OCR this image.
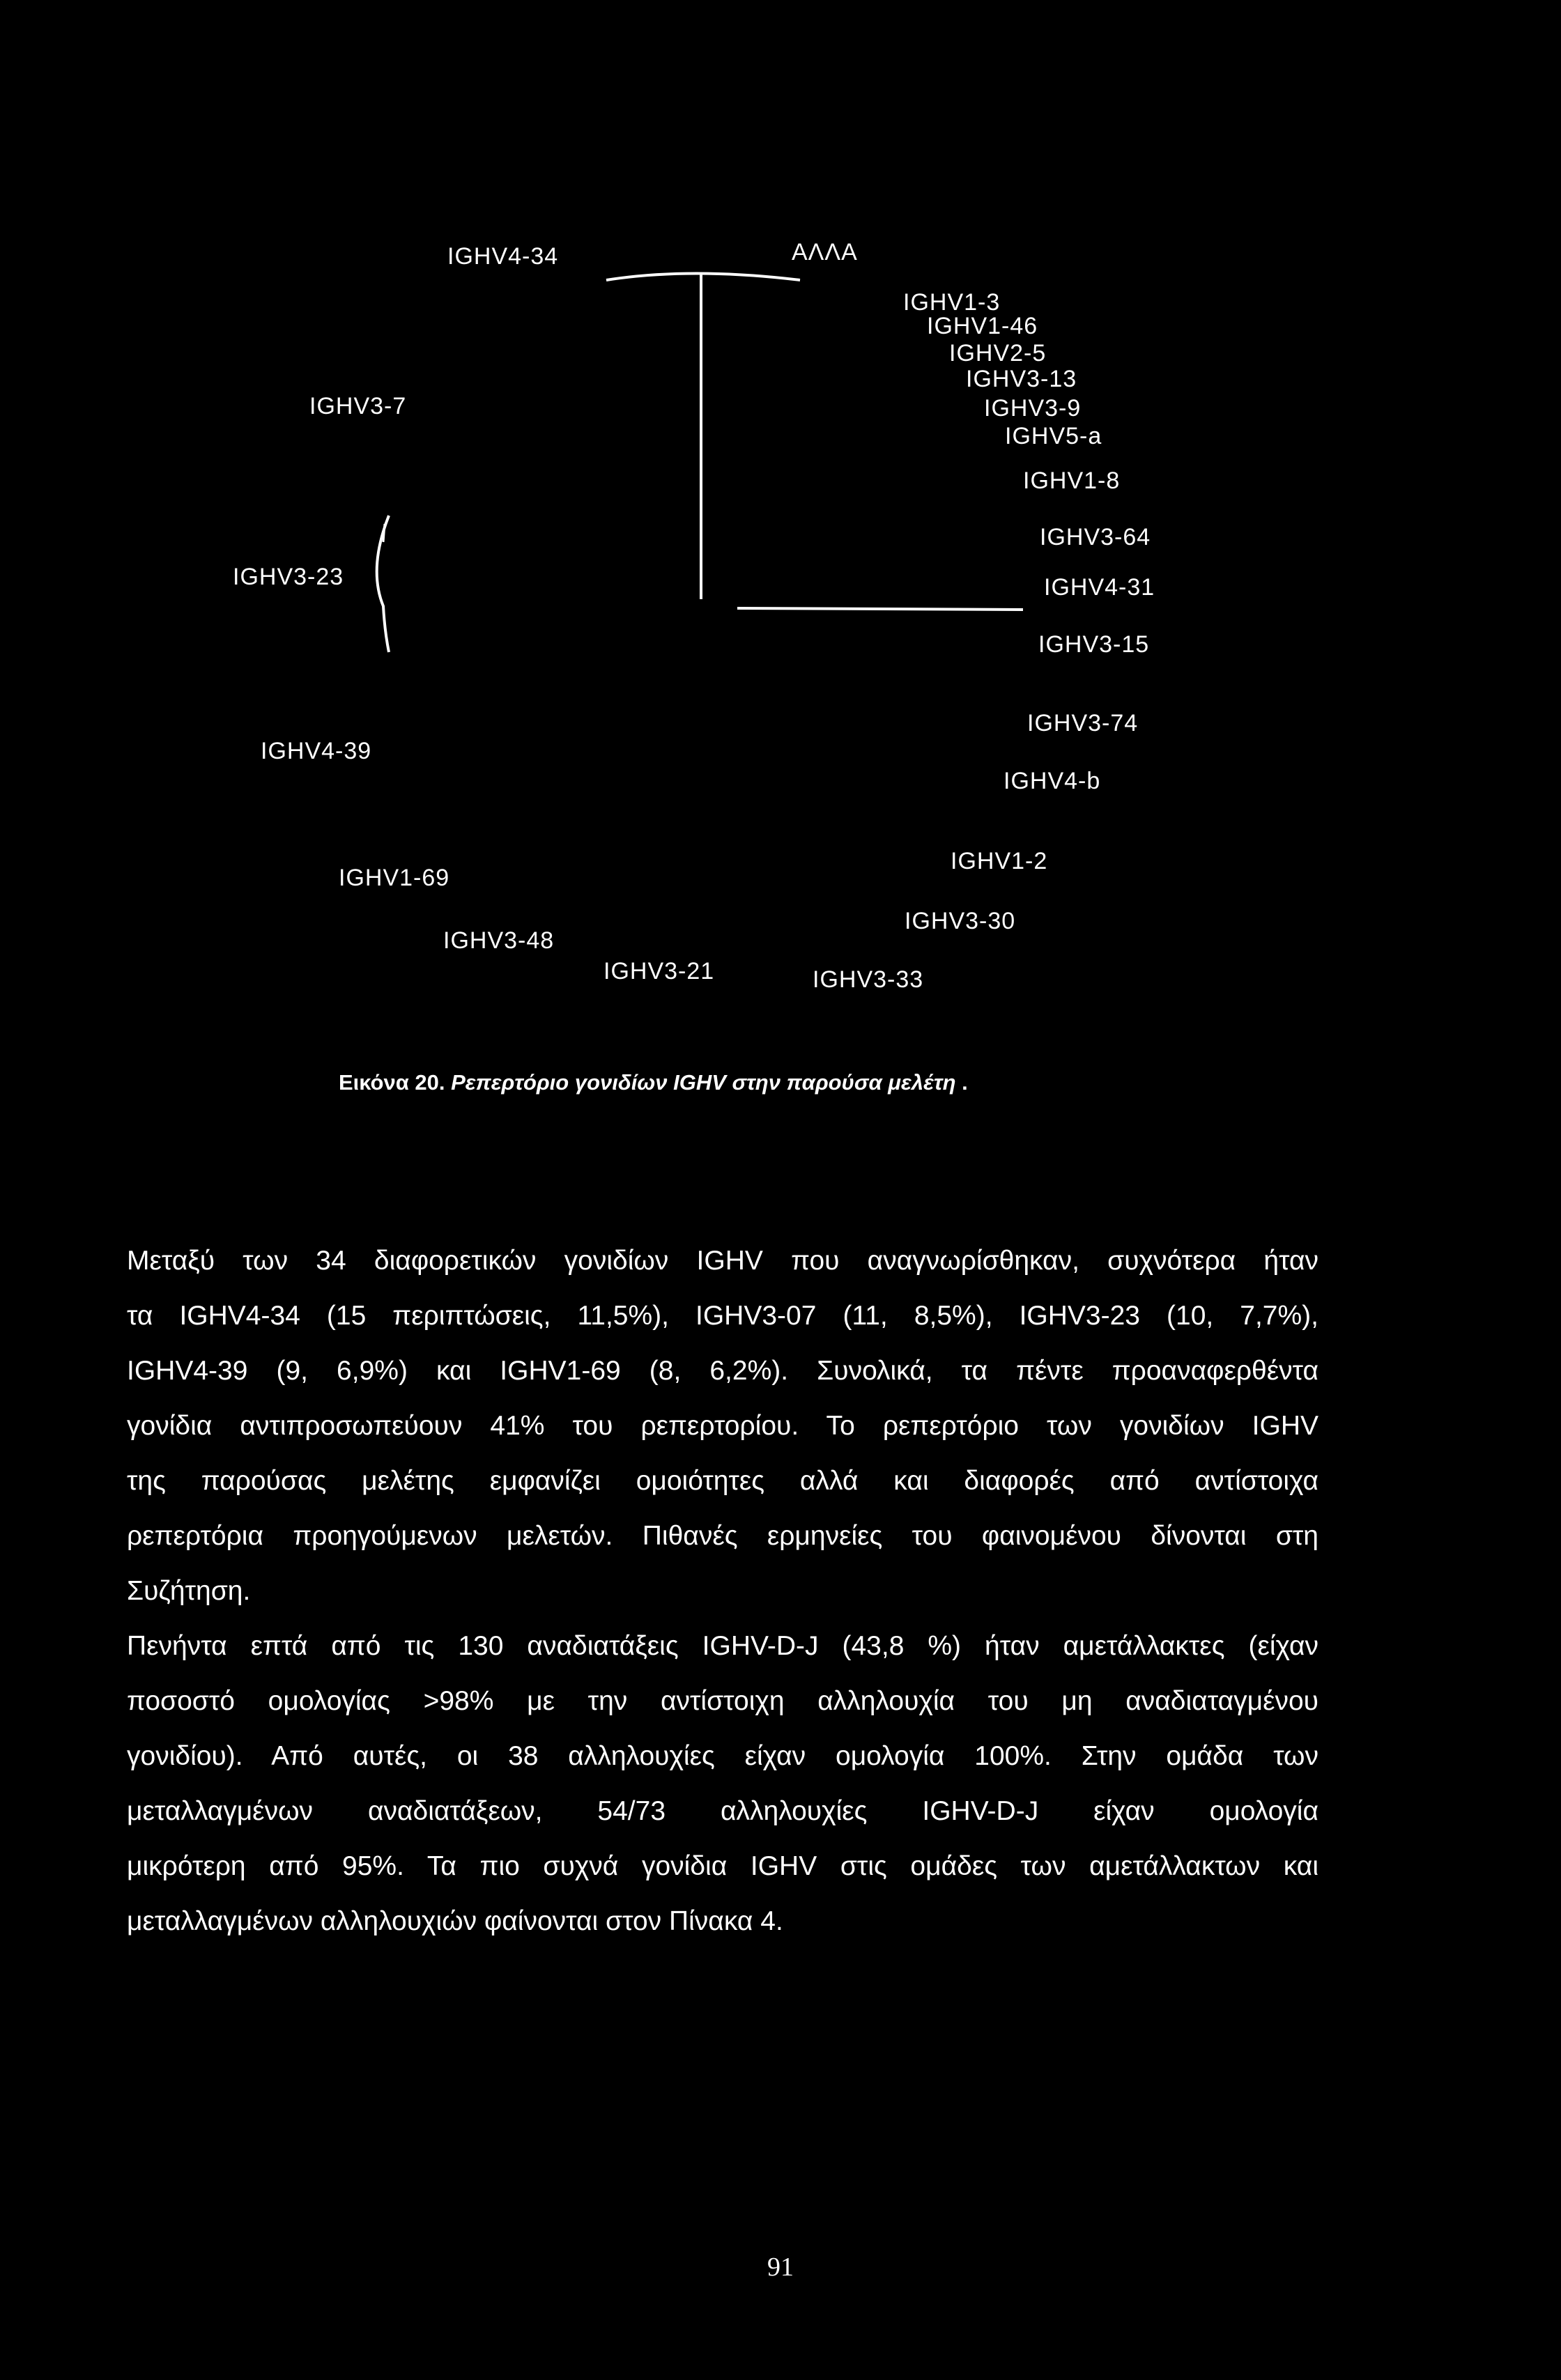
IGHV4-34	ΑΛΛΑ
IGHV1-3
IGHV1-46
IGHV2-5
IGHV3-13
IGHV3-7	IGHV3-9
IGHV5-a
IGHV1-8
IGHV3-64
IGHV3-23	IGHV4-31
IGHV3-15
IGHV3-74
IGHV4-39
IGHV4-b
IGHV1-69
IGHV1-2
IGHV3-48
IGHV3-30
IGHV3-21	IGHV3-33
Εικόνα 20. Ρεπερτόριο γονιδίων IGHV στην παρούσα μελέτη .
Μεταξύ των 34 διαφορετικών γονιδίων IGHV που αναγνωρίσθηκαν, συχνότερα ήταν
τα IGHV4-34 (15 περιπτώσεις, 11,5%), IGHV3-07 (11, 8,5%), IGHV3-23 (10, 7,7%),
IGHV4-39 (9, 6,9%) και IGHV1-69 (8, 6,2%). Συνολικά, τα πέντε προαναφερθέντα
γονίδια αντιπροσωπεύουν 41% του ρεπερτορίου. Το ρεπερτόριο των γονιδίων IGHV
της παρούσας μελέτης εμφανίζει ομοιότητες αλλά και διαφορές από αντίστοιχα
ρεπερτόρια προηγούμενων μελετών. Πιθανές ερμηνείες του φαινομένου δίνονται στη
Συζήτηση.
Πενήντα επτά από τις 130 αναδιατάξεις IGHV-D-J (43,8 %) ήταν αμετάλλακτες (είχαν
ποσοστό ομολογίας >98% με την αντίστοιχη αλληλουχία του μη αναδιαταγμένου
γονιδίου). Από αυτές, οι 38 αλληλουχίες είχαν ομολογία 100%. Στην ομάδα των
μεταλλαγμένων αναδιατάξεων, 54/73 αλληλουχίες IGHV-D-J είχαν ομολογία
μικρότερη από 95%. Τα πιο συχνά γονίδια IGHV στις ομάδες των αμετάλλακτων και
μεταλλαγμένων αλληλουχιών φαίνονται στον Πίνακα 4.
91
